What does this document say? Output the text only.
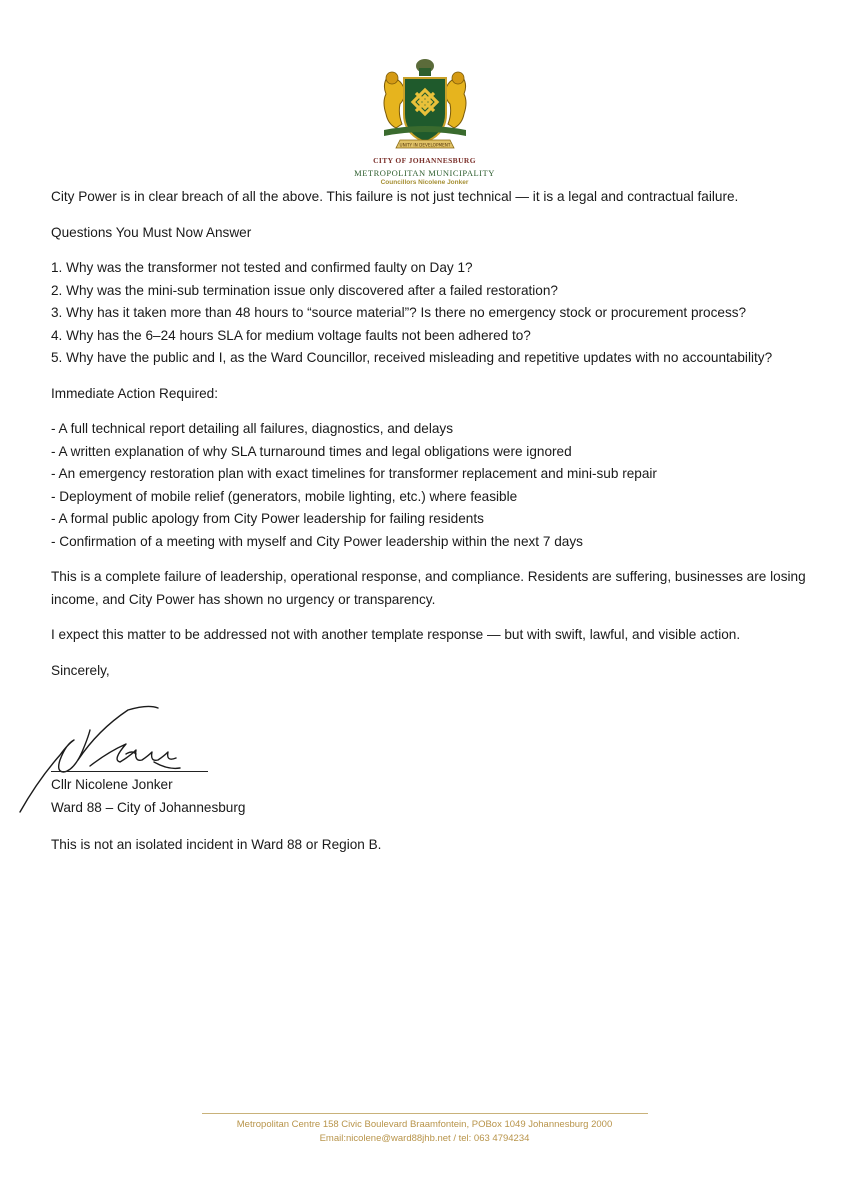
UNITY IN DEVELOPMENT
CITY OF JOHANNESBURG
METROPOLITAN MUNICIPALITY
Councillors Nicolene Jonker

City Power is in clear breach of all the above. This failure is not just technical — it is a legal and contractual failure.

Questions You Must Now Answer

1. Why was the transformer not tested and confirmed faulty on Day 1?

2. Why was the mini-sub termination issue only discovered after a failed restoration?

3. Why has it taken more than 48 hours to “source material”? Is there no emergency stock or procurement process?

4. Why has the 6–24 hours SLA for medium voltage faults not been adhered to?

5. Why have the public and I, as the Ward Councillor, received misleading and repetitive updates with no accountability?

Immediate Action Required:

- A full technical report detailing all failures, diagnostics, and delays

- A written explanation of why SLA turnaround times and legal obligations were ignored

- An emergency restoration plan with exact timelines for transformer replacement and mini-sub repair

- Deployment of mobile relief (generators, mobile lighting, etc.) where feasible

- A formal public apology from City Power leadership for failing residents

- Confirmation of a meeting with myself and City Power leadership within the next 7 days

This is a complete failure of leadership, operational response, and compliance. Residents are suffering, businesses are losing income, and City Power has shown no urgency or transparency.

I expect this matter to be addressed not with another template response — but with swift, lawful, and visible action.

Sincerely,

Cllr Nicolene Jonker
Ward 88 – City of Johannesburg
This is not an isolated incident in Ward 88 or Region B.
Metropolitan Centre 158 Civic Boulevard Braamfontein, POBox 1049 Johannesburg 2000
Email:nicolene@ward88jhb.net / tel: 063 4794234
